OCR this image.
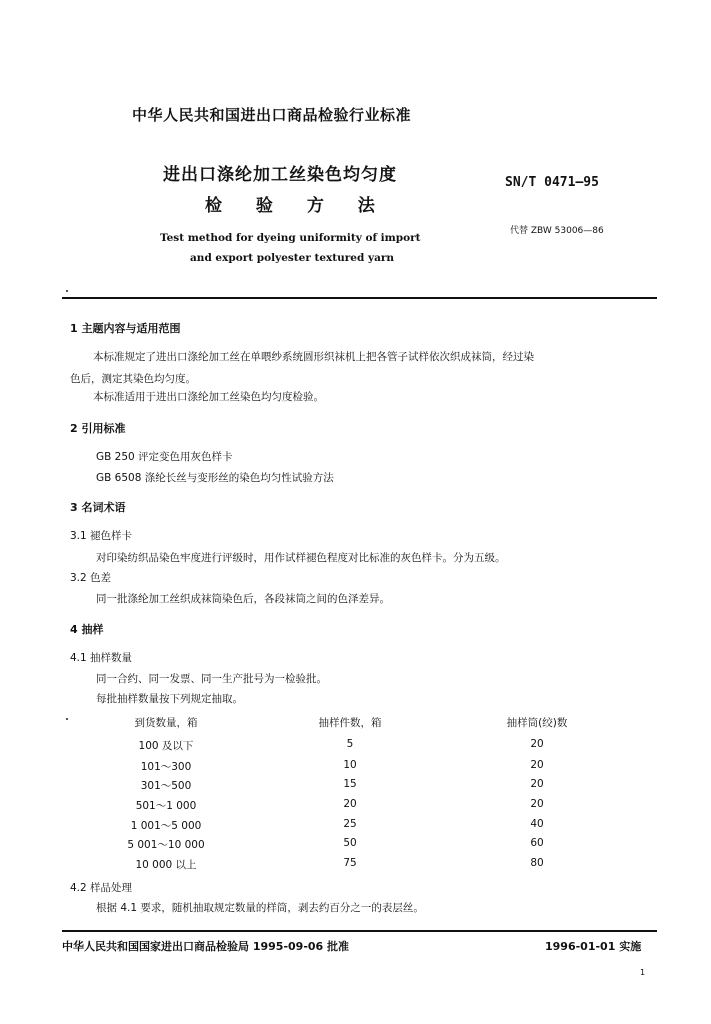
中华人民共和国进出口商品检验行业标准
进出口涤纶加工丝染色均匀度
检 验 方 法
Test method for dyeing uniformity of import
and export polyester textured yarn
SN/T 0471—95
代替 ZBW 53006—86
1 主题内容与适用范围
本标准规定了进出口涤纶加工丝在单喂纱系统圆形织袜机上把各管子试样依次织成袜筒，经过染
色后，测定其染色均匀度。
本标准适用于进出口涤纶加工丝染色均匀度检验。
2 引用标准
GB 250 评定变色用灰色样卡
GB 6508 涤纶长丝与变形丝的染色均匀性试验方法
3 名词术语
3.1 褪色样卡
对印染纺织品染色牢度进行评级时，用作试样褪色程度对比标准的灰色样卡。分为五级。
3.2 色差
同一批涤纶加工丝织成袜筒染色后，各段袜筒之间的色泽差异。
4 抽样
4.1 抽样数量
同一合约、同一发票、同一生产批号为一检验批。
每批抽样数量按下列规定抽取。
到货数量，箱	抽样件数，箱	抽样筒(绞)数
100 及以下	5	20
101～300	10	20
301～500	15	20
501～1 000	20	20
1 001～5 000	25	40
5 001～10 000	50	60
10 000 以上	75	80
4.2 样品处理
根据 4.1 要求，随机抽取规定数量的样筒，剥去约百分之一的表层丝。
中华人民共和国国家进出口商品检验局 1995-09-06 批准	1996-01-01 实施
1
